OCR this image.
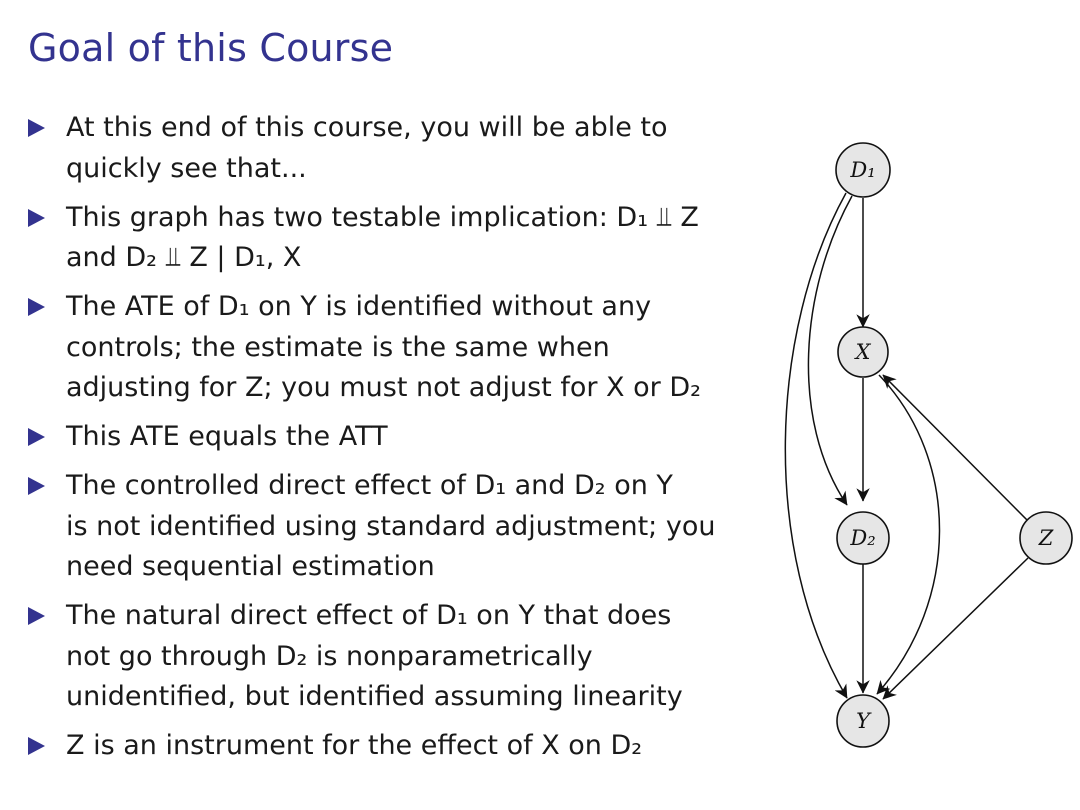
Goal of this Course
At this end of this course, you will be able to
quickly see that...
This graph has two testable implication: D₁ ⫫ Z
and D₂ ⫫ Z | D₁, X
The ATE of D₁ on Y is identified without any
controls; the estimate is the same when
adjusting for Z; you must not adjust for X or D₂
This ATE equals the ATT
The controlled direct effect of D₁ and D₂ on Y
is not identified using standard adjustment; you
need sequential estimation
The natural direct effect of D₁ on Y that does
not go through D₂ is nonparametrically
unidentified, but identified assuming linearity
Z is an instrument for the effect of X on D₂
D₁
X
D₂	Z
Y
